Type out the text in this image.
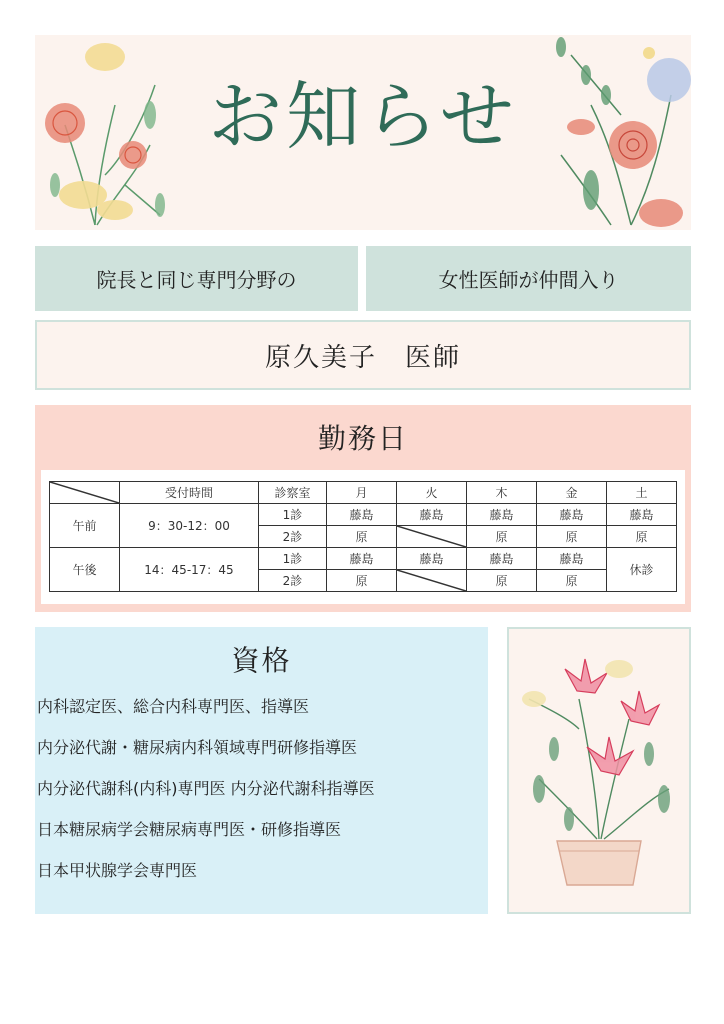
お知らせ
院長と同じ専門分野の	女性医師が仲間入り
原久美子　医師
勤務日
	受付時間	診察室	月	火	木	金	土
午前	9：30-12：00	1診	藤島	藤島	藤島	藤島	藤島
		2診	原		原	原	原
午後	14：45-17：45	1診	藤島	藤島	藤島	藤島	休診
		2診	原		原	原	
資格
内科認定医、総合内科専門医、指導医
内分泌代謝・糖尿病内科領域専門研修指導医
内分泌代謝科(内科)専門医 内分泌代謝科指導医
日本糖尿病学会糖尿病専門医・研修指導医
日本甲状腺学会専門医
